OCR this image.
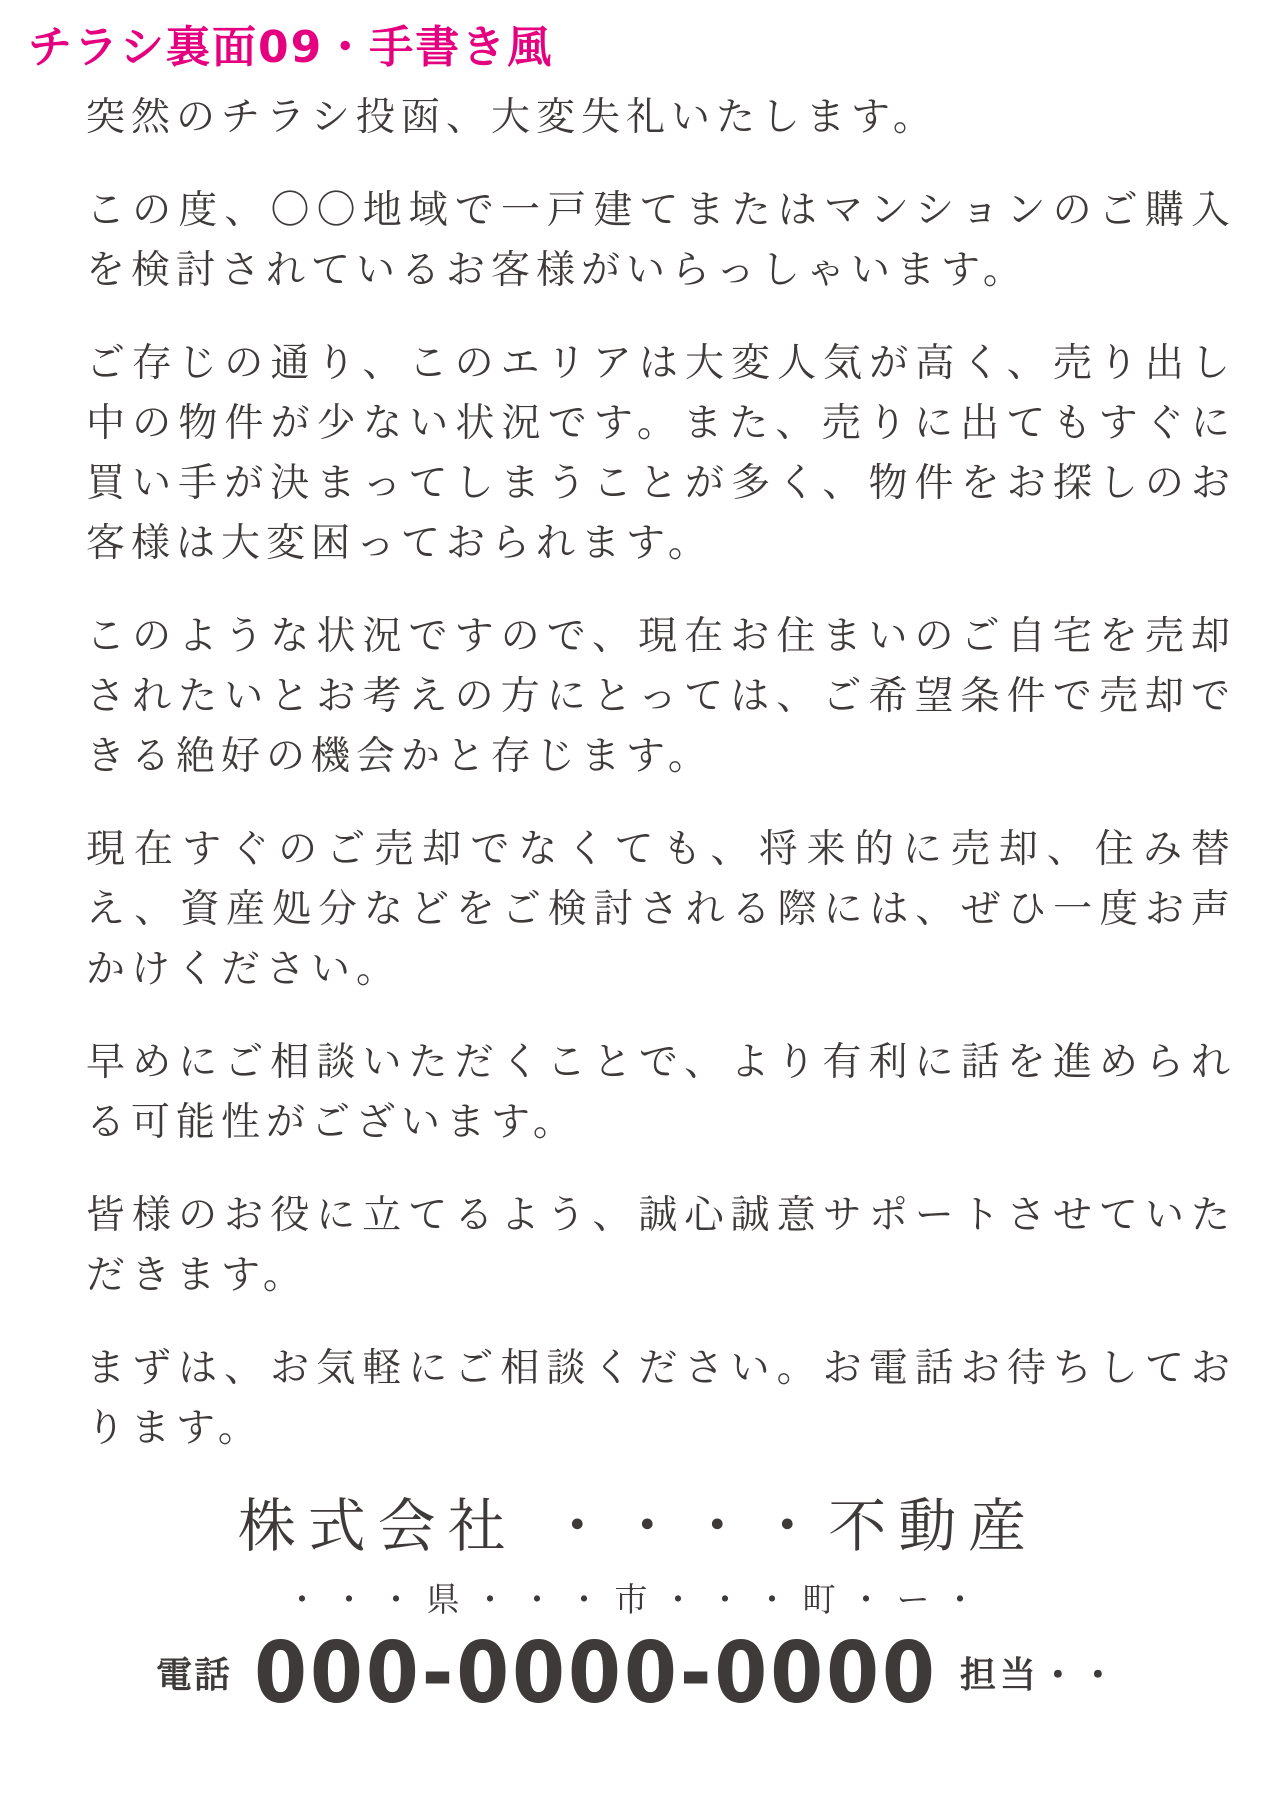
チラシ裏面09・手書き風

突然のチラシ投函、大変失礼いたします。

この度、〇〇地域で一戸建てまたはマンションのご購入を検討されているお客様がいらっしゃいます。

ご存じの通り、このエリアは大変人気が高く、売り出し中の物件が少ない状況です。また、売りに出てもすぐに買い手が決まってしまうことが多く、物件をお探しのお客様は大変困っておられます。

このような状況ですので、現在お住まいのご自宅を売却されたいとお考えの方にとっては、ご希望条件で売却できる絶好の機会かと存じます。

現在すぐのご売却でなくても、将来的に売却、住み替え、資産処分などをご検討される際には、ぜひ一度お声かけください。

早めにご相談いただくことで、より有利に話を進められる可能性がございます。

皆様のお役に立てるよう、誠心誠意サポートさせていただきます。

まずは、お気軽にご相談ください。お電話お待ちしております。

株式会社 ・・・・不動産
・・・県・・・市・・・町・ー・
電話 000-0000-0000 担当・・
